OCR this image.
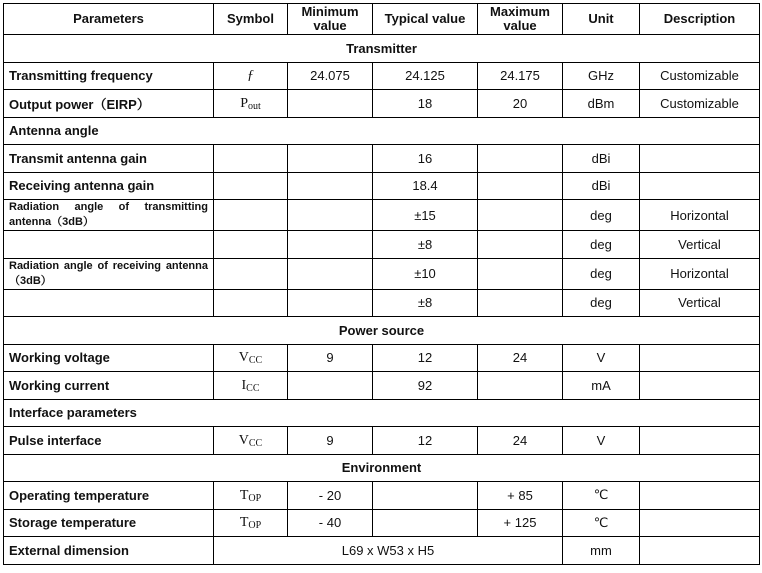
Parameters	Symbol	Minimum value	Typical value	Maximum value	Unit	Description
Transmitter						
Transmitting frequency	ƒ	24.075	24.125	24.175	GHz	Customizable
Output power（EIRP）	Pout		18	20	dBm	Customizable
Antenna angle						
Transmit antenna gain			16		dBi	
Receiving antenna gain			18.4		dBi	
Radiation angle of transmitting antenna（3dB）			±15		deg	Horizontal
			±8		deg	Vertical
Radiation angle of receiving antenna（3dB）			±10		deg	Horizontal
			±8		deg	Vertical
Power source						
Working voltage	VCC	9	12	24	V	
Working current	ICC		92		mA	
Interface parameters						
Pulse interface	VCC	9	12	24	V	
Environment						
Operating temperature	TOP	- 20		+ 85	℃	
Storage temperature	TOP	- 40		+ 125	℃	
External dimension	L69 x W53 x H5				mm	
